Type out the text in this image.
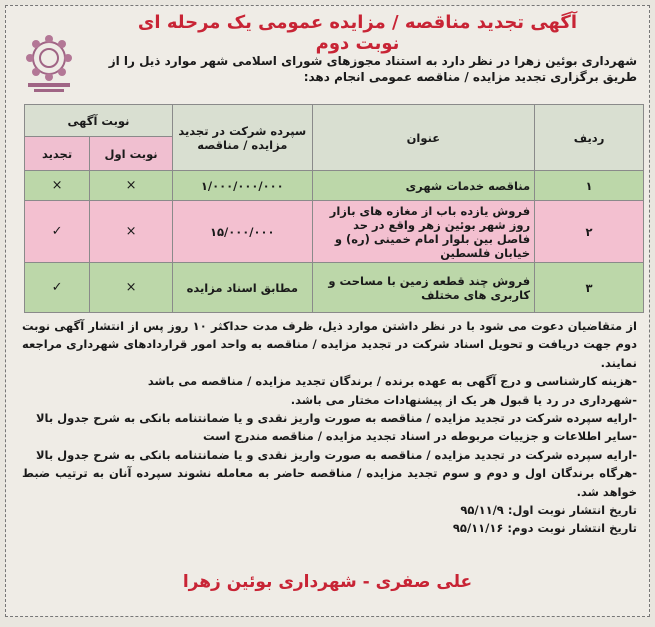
آگهی تجدید مناقصه / مزایده عمومی یک مرحله ای
نوبت دوم
شهرداری بوئین زهرا در نظر دارد به استناد مجوزهای شورای اسلامی شهر موارد ذیل را از طریق برگزاری تجدید مزایده / مناقصه عمومی انجام دهد:
ردیف	عنوان	سپرده شرکت در تجدید مزایده / مناقصه	نوبت آگهی	
			نوبت اول	تجدید
۱	مناقصه خدمات شهری	۱/۰۰۰/۰۰۰/۰۰۰	×	×
۲	فروش یازده باب از مغازه های بازار روز شهر بوئین زهر واقع در حد فاصل بین بلوار امام خمینی (ره) و خیابان فلسطین	۱۵/۰۰۰/۰۰۰	×	✓
۳	فروش چند قطعه زمین با مساحت و کاربری های مختلف	مطابق اسناد مزایده	×	✓

از متقاضیان دعوت می شود با در نظر داشتن موارد ذیل، ظرف مدت حداکثر ۱۰ روز پس از انتشار آگهی نوبت دوم جهت دریافت و تحویل اسناد شرکت در تجدید مزایده / مناقصه به واحد امور قراردادهای شهرداری مراجعه نمایند.

-هزینه کارشناسی و درج آگهی به عهده برنده / برندگان تجدید مزایده / مناقصه می باشد

-شهرداری در رد یا قبول هر یک از پیشنهادات مختار می باشد.

-ارایه سپرده شرکت در تجدید مزایده / مناقصه به صورت واریز نقدی و یا ضمانتنامه بانکی به شرح جدول بالا

-سایر اطلاعات و جزییات مربوطه در اسناد تجدید مزایده / مناقصه مندرج است

-ارایه سپرده شرکت در تجدید مزایده / مناقصه به صورت واریز نقدی و یا ضمانتنامه بانکی به شرح جدول بالا

-هرگاه برندگان اول و دوم و سوم تجدید مزایده / مناقصه حاضر به معامله نشوند سپرده آنان به ترتیب ضبط خواهد شد.

تاریخ انتشار نوبت اول: ۹۵/۱۱/۹

تاریخ انتشار نوبت دوم: ۹۵/۱۱/۱۶

علی صفری - شهرداری بوئین زهرا
